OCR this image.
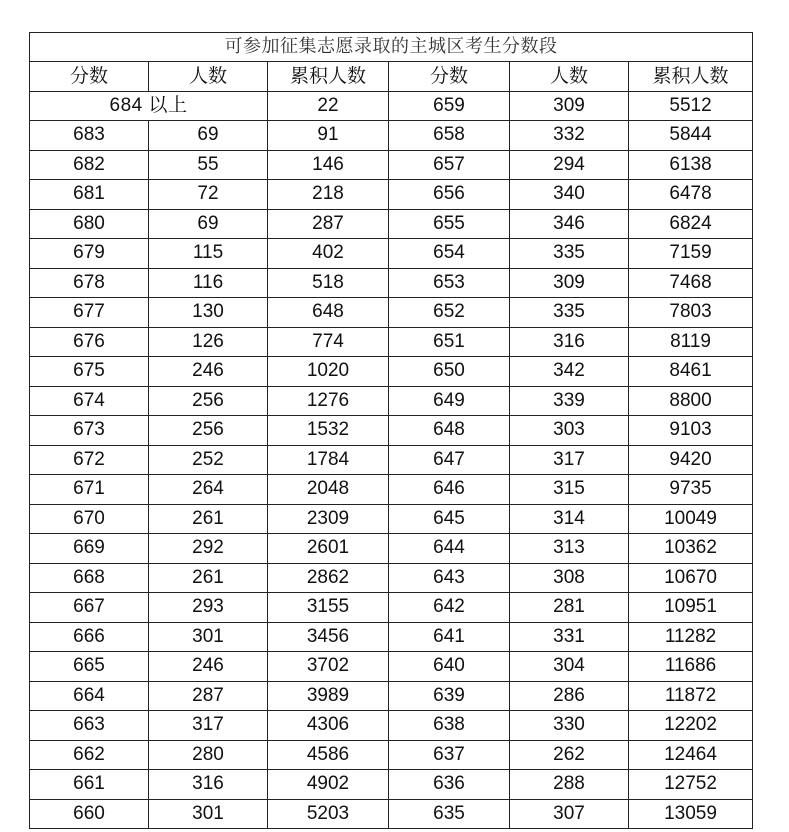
可参加征集志愿录取的主城区考生分数段					
分数	人数	累积人数	分数	人数	累积人数
684 以上		22	659	309	5512
683	69	91	658	332	5844
682	55	146	657	294	6138
681	72	218	656	340	6478
680	69	287	655	346	6824
679	115	402	654	335	7159
678	116	518	653	309	7468
677	130	648	652	335	7803
676	126	774	651	316	8119
675	246	1020	650	342	8461
674	256	1276	649	339	8800
673	256	1532	648	303	9103
672	252	1784	647	317	9420
671	264	2048	646	315	9735
670	261	2309	645	314	10049
669	292	2601	644	313	10362
668	261	2862	643	308	10670
667	293	3155	642	281	10951
666	301	3456	641	331	11282
665	246	3702	640	304	11686
664	287	3989	639	286	11872
663	317	4306	638	330	12202
662	280	4586	637	262	12464
661	316	4902	636	288	12752
660	301	5203	635	307	13059
